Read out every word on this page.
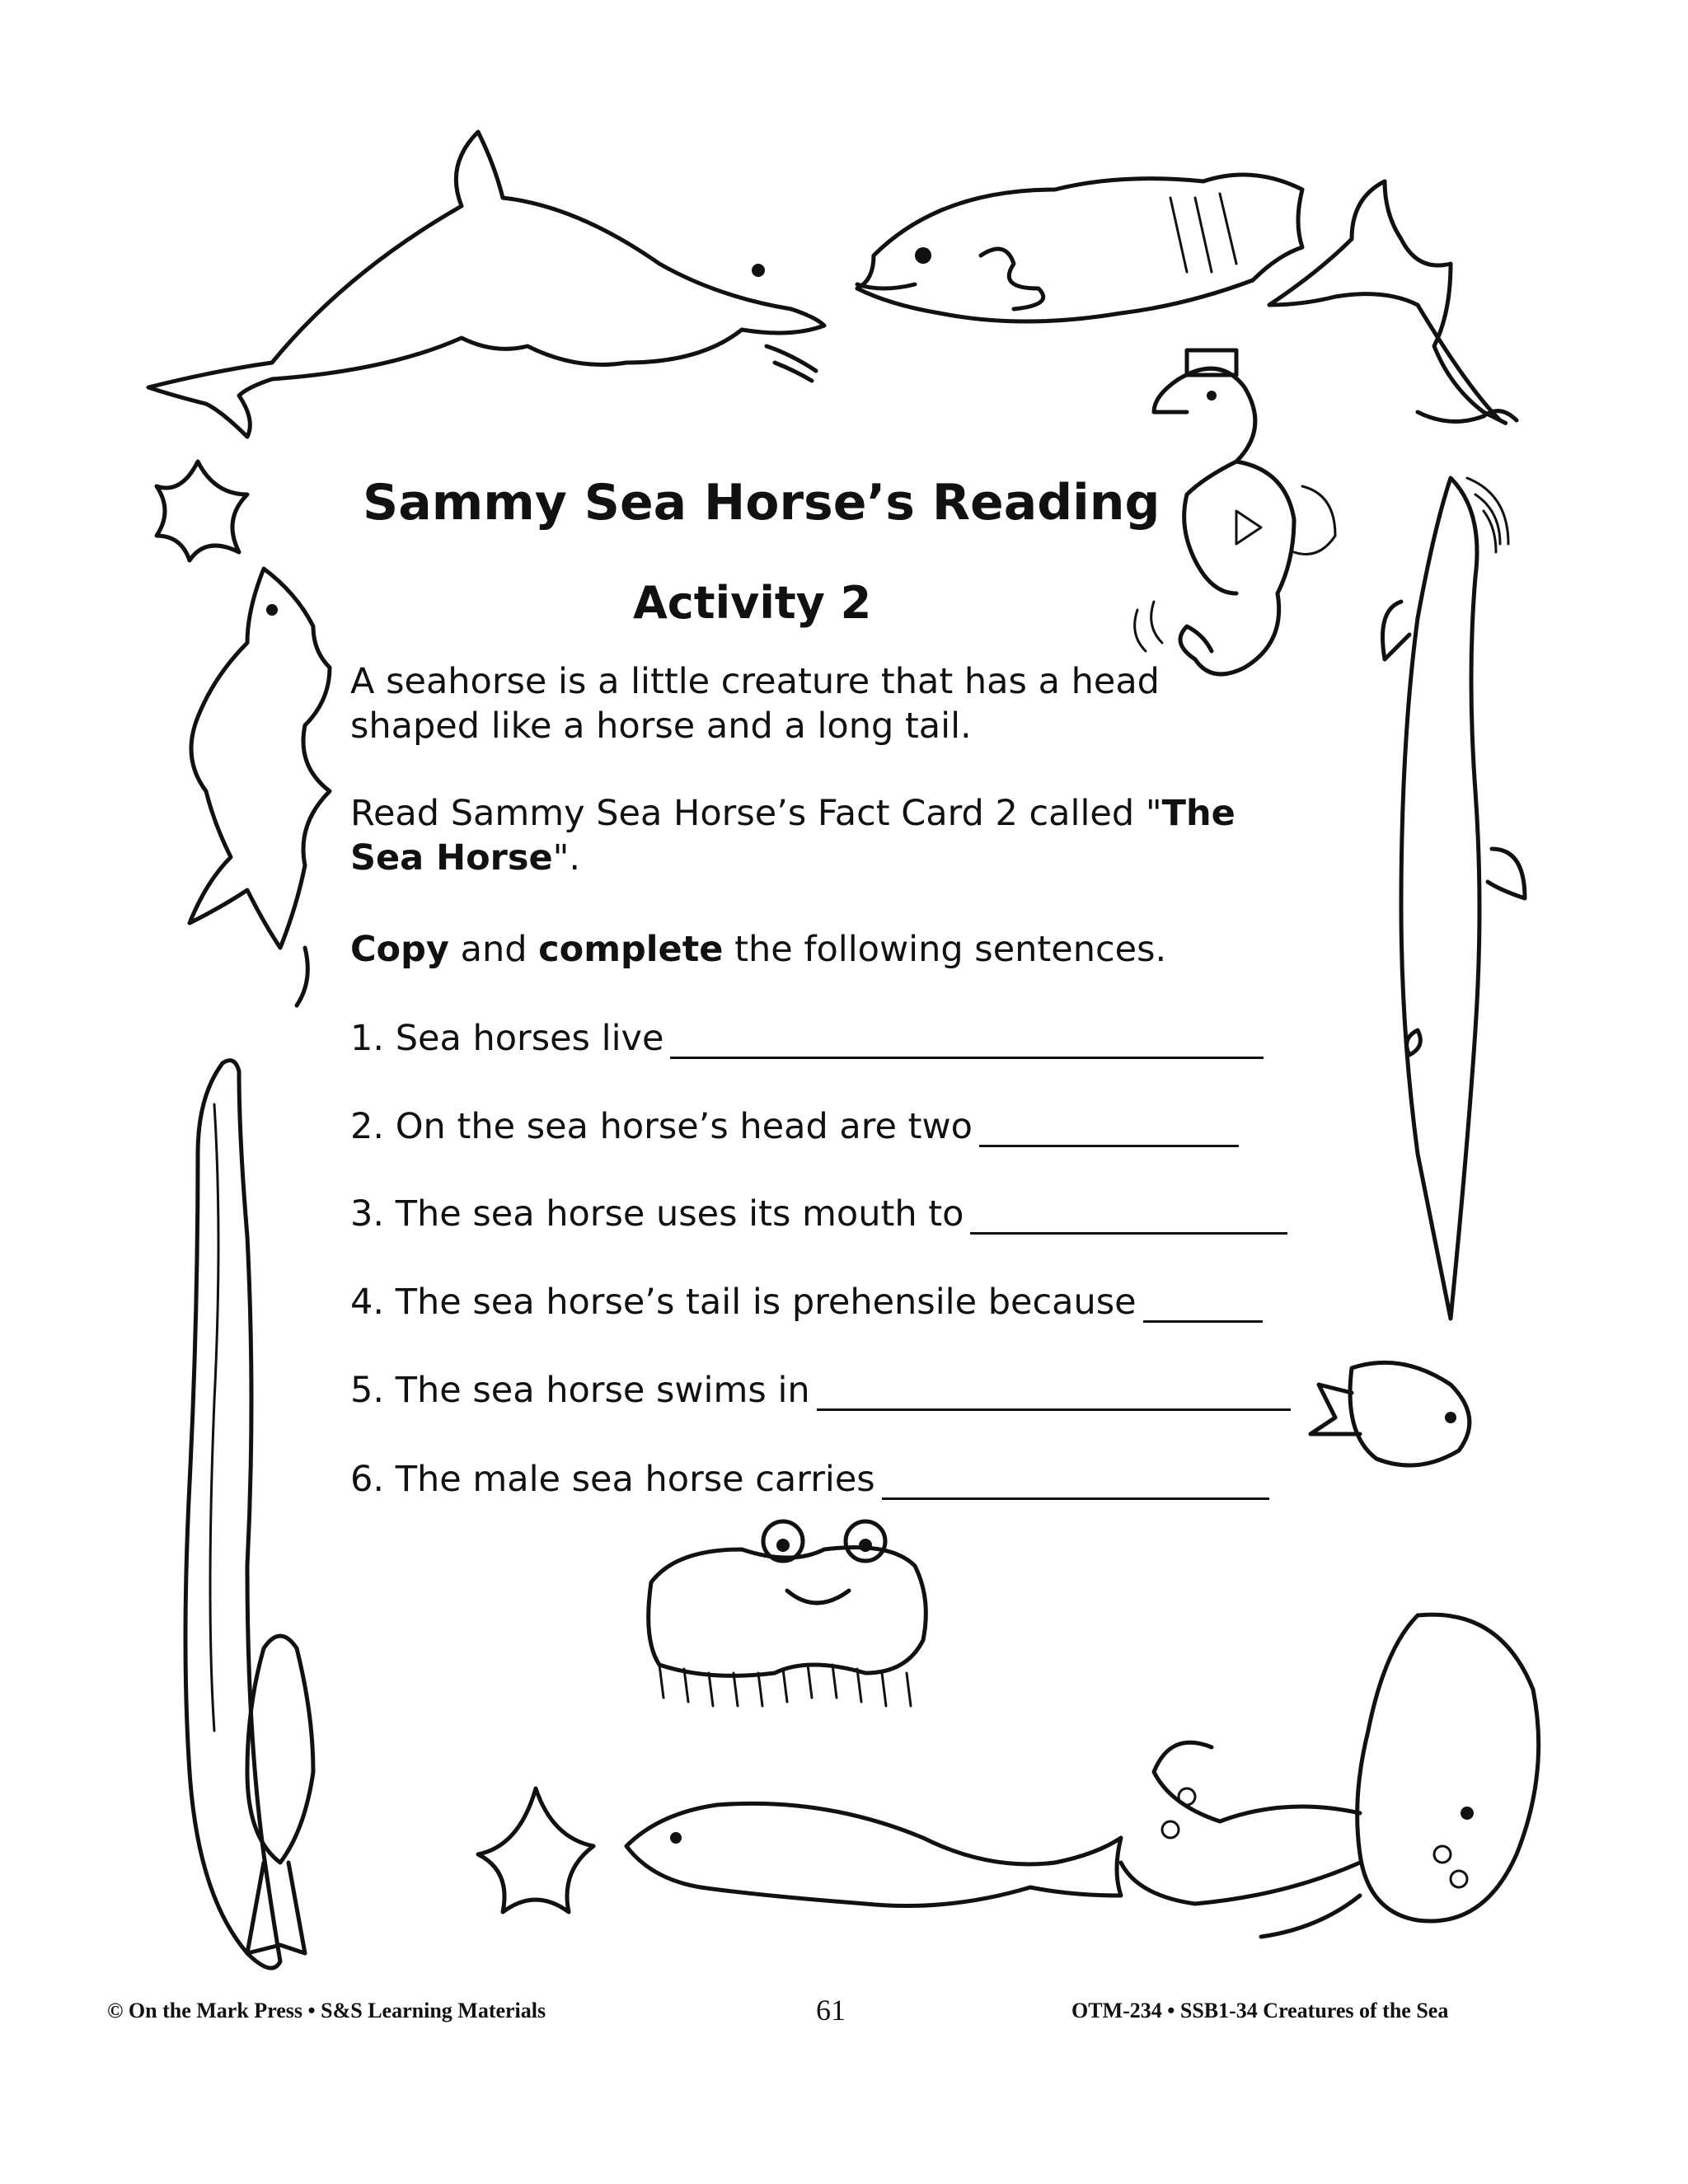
Sammy Sea Horse’s Reading
Activity 2
A seahorse is a little creature that has a head shaped like a horse and a long tail.
Read Sammy Sea Horse’s Fact Card 2 called "The Sea Horse".
Copy and complete the following sentences.
1. Sea horses live
2. On the sea horse’s head are two
3. The sea horse uses its mouth to
4. The sea horse’s tail is prehensile because
5. The sea horse swims in
6. The male sea horse carries
© On the Mark Press • S&S Learning Materials	61	OTM-234 • SSB1-34 Creatures of the Sea
